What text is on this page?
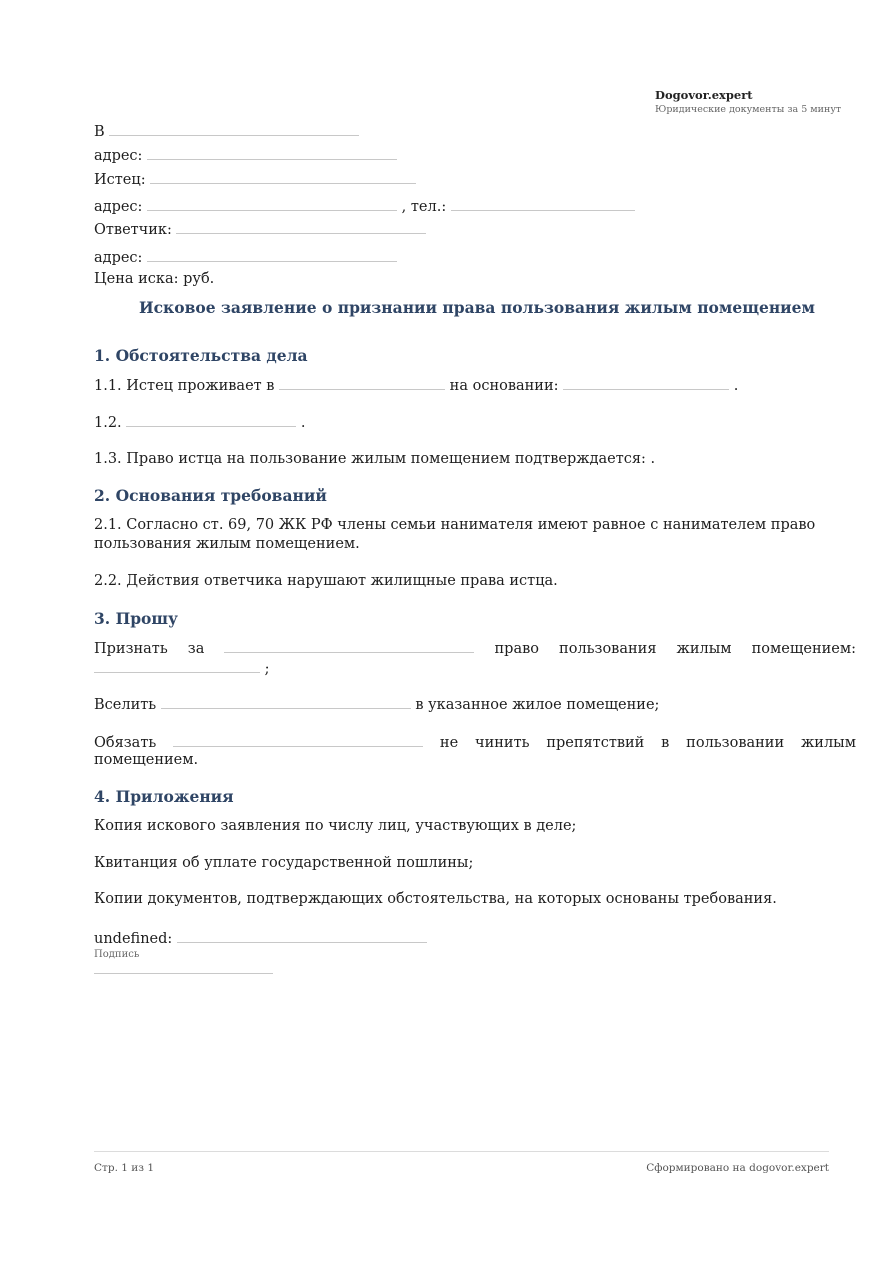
Dogovor.expert
Юридические документы за 5 минут
В
адрес:
Истец:
адрес:	, тел.:
Ответчик:
адрес:
Цена иска: руб.
Исковое заявление о признании права пользования жилым помещением
1. Обстоятельства дела
1.1. Истец проживает в	на основании:	.
1.2.	.
1.3. Право истца на пользование жилым помещением подтверждается: .
2. Основания требований
2.1. Согласно ст. 69, 70 ЖК РФ члены семьи нанимателя имеют равное с нанимателем право пользования жилым помещением.
2.2. Действия ответчика нарушают жилищные права истца.
3. Прошу
Признать за	право пользования жилым помещением:
;
Вселить	в указанное жилое помещение;
Обязать	не чинить препятствий в пользовании жилым
помещением.
4. Приложения
Копия искового заявления по числу лиц, участвующих в деле;
Квитанция об уплате государственной пошлины;
Копии документов, подтверждающих обстоятельства, на которых основаны требования.
undefined:
Подпись
Стр. 1 из 1	Сформировано на dogovor.expert
